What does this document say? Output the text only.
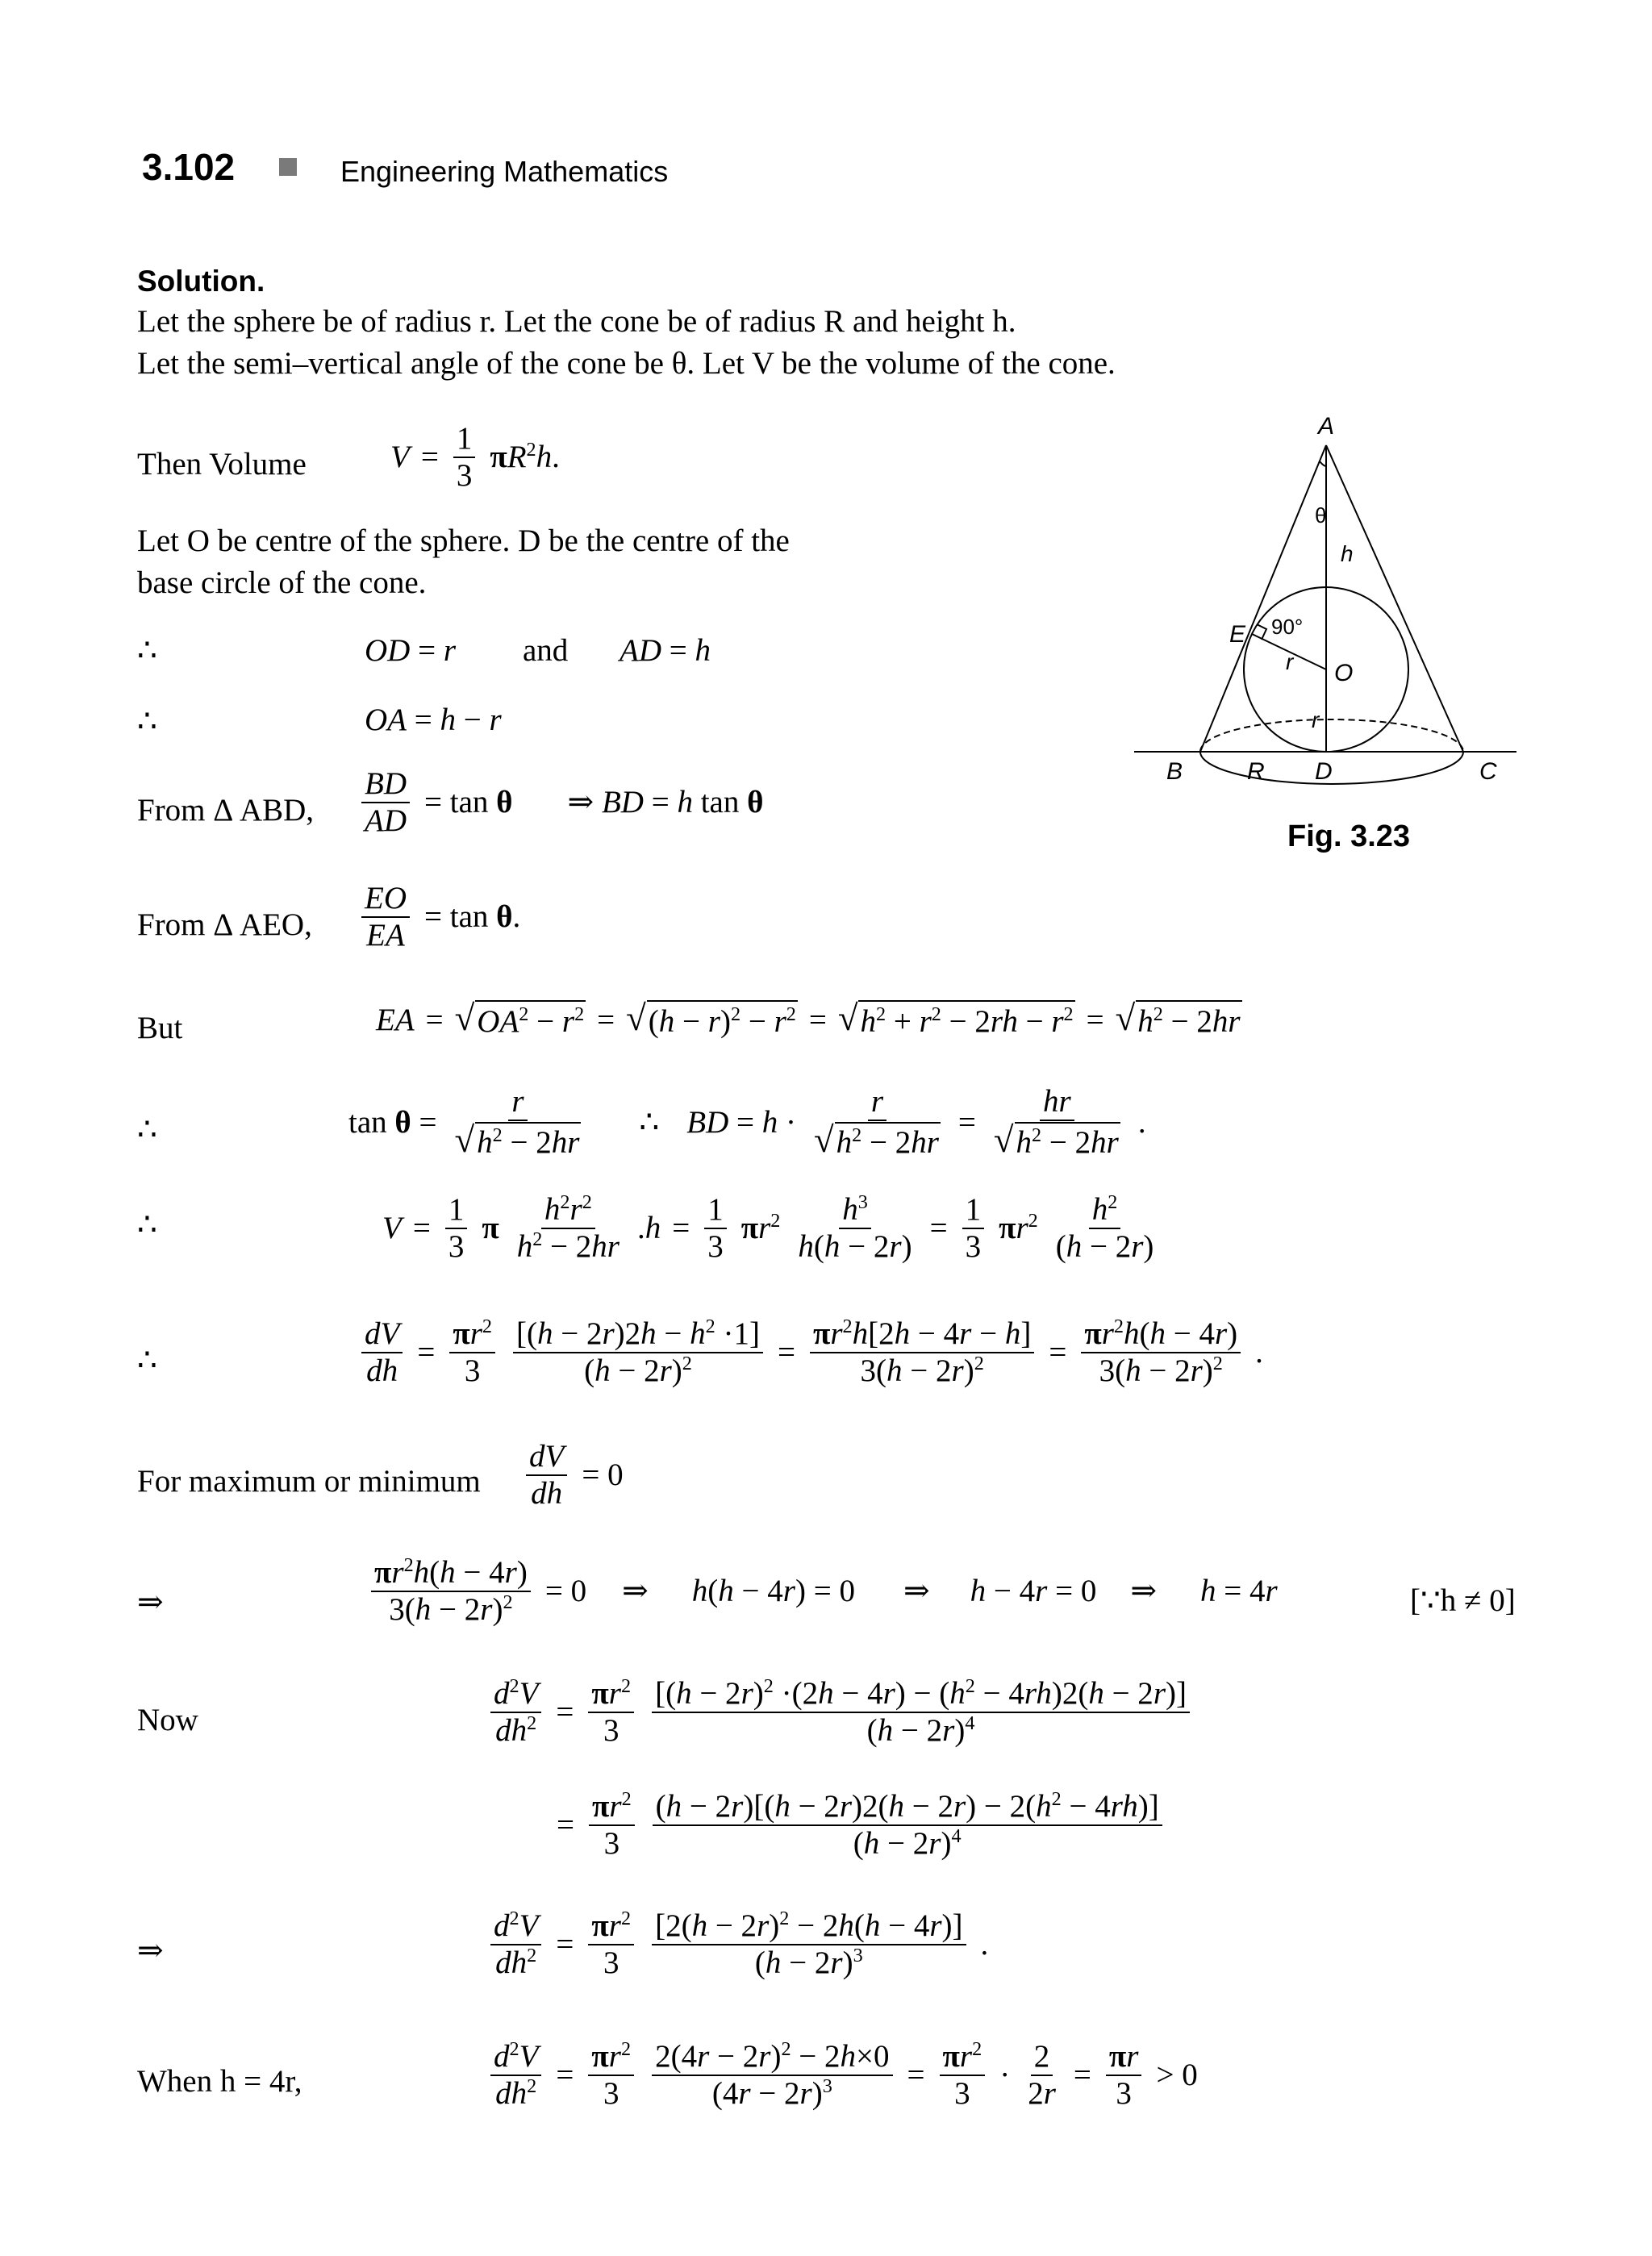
3.102	Engineering Mathematics
Solution.
Let the sphere be of radius r. Let the cone be of radius R and height h.
Let the semi–vertical angle of the cone be θ. Let V be the volume of the cone.
Then Volume	$V = \frac{1}{3} \pi R^2h$.
Let O be centre of the sphere. D be the centre of the
base circle of the cone.
∴	OD = r and AD = h
∴	OA = h − r
From Δ ABD, $\frac{BD}{AD} = \tan \theta$ ⇒ BD = h tan θ
From Δ AEO, $\frac{EO}{EA} = \tan \theta$.
But	EA = √ $OA^2 - r^2$ = √ $(h - r)^2 - r^2$ = √ $h^2 + r^2 - 2rh - r^2$ = √ $h^2 - 2hr$
∴	$\tan \theta = \frac{r}{√ h^2 - 2hr}$ ∴ BD = $h \cdot \frac{r}{√ h^2 - 2hr} = \frac{hr}{√ h^2 - 2hr}$ .
∴	$V = \frac{1}{3}$ π $\frac{h^2r^2}{h^2 - 2hr} .h = \frac{1}{3} \pi r^2 \frac{h^3}{h(h - 2r)} = \frac{1}{3} \pi r^2 \frac{h^2}{(h - 2r)}$
∴	$\frac{dV}{dh} = \frac{\pi r^2}{3} \frac{[(h - 2r)2h - h^2 \cdot 1]}{(h - 2r)^2} = \frac{\pi r^2h[2h - 4r - h]}{3(h - 2r)^2} = \frac{\pi r^2h(h - 4r)}{3(h - 2r)^2}$ .
For maximum or minimum $\frac{dV}{dh} = 0$
⇒	$\frac{\pi r^2h(h - 4r)}{3(h - 2r)^2} = 0$ ⇒ h(h − 4r) = 0 ⇒ h − 4r = 0 ⇒ h = 4r	[∵h ≠ 0]
Now	$\frac{d^2V}{dh^2} = \frac{\pi r^2}{3} \frac{[(h - 2r)^2 \cdot(2h - 4r) - (h^2 - 4rh)2(h - 2r)]}{(h - 2r)^4}$
= $\frac{\pi r^2}{3} \frac{(h - 2r)[(h - 2r)2(h - 2r) - 2(h^2 - 4rh)]}{(h - 2r)^4}$
⇒	$\frac{d^2V}{dh^2} = \frac{\pi r^2}{3} \frac{[2(h - 2r)^2 - 2h(h - 4r)]}{(h - 2r)^3}$ .
When h = 4r,	$\frac{d^2V}{dh^2} = \frac{\pi r^2}{3} \frac{2(4r - 2r)^2 - 2h\times 0}{(4r - 2r)^3} = \frac{\pi r^2}{3} \cdot \frac{2}{2r} = \frac{\pi r}{3} > 0$
A
θ
h
90°
E
r O
r
B	R D	C
Fig. 3.23
